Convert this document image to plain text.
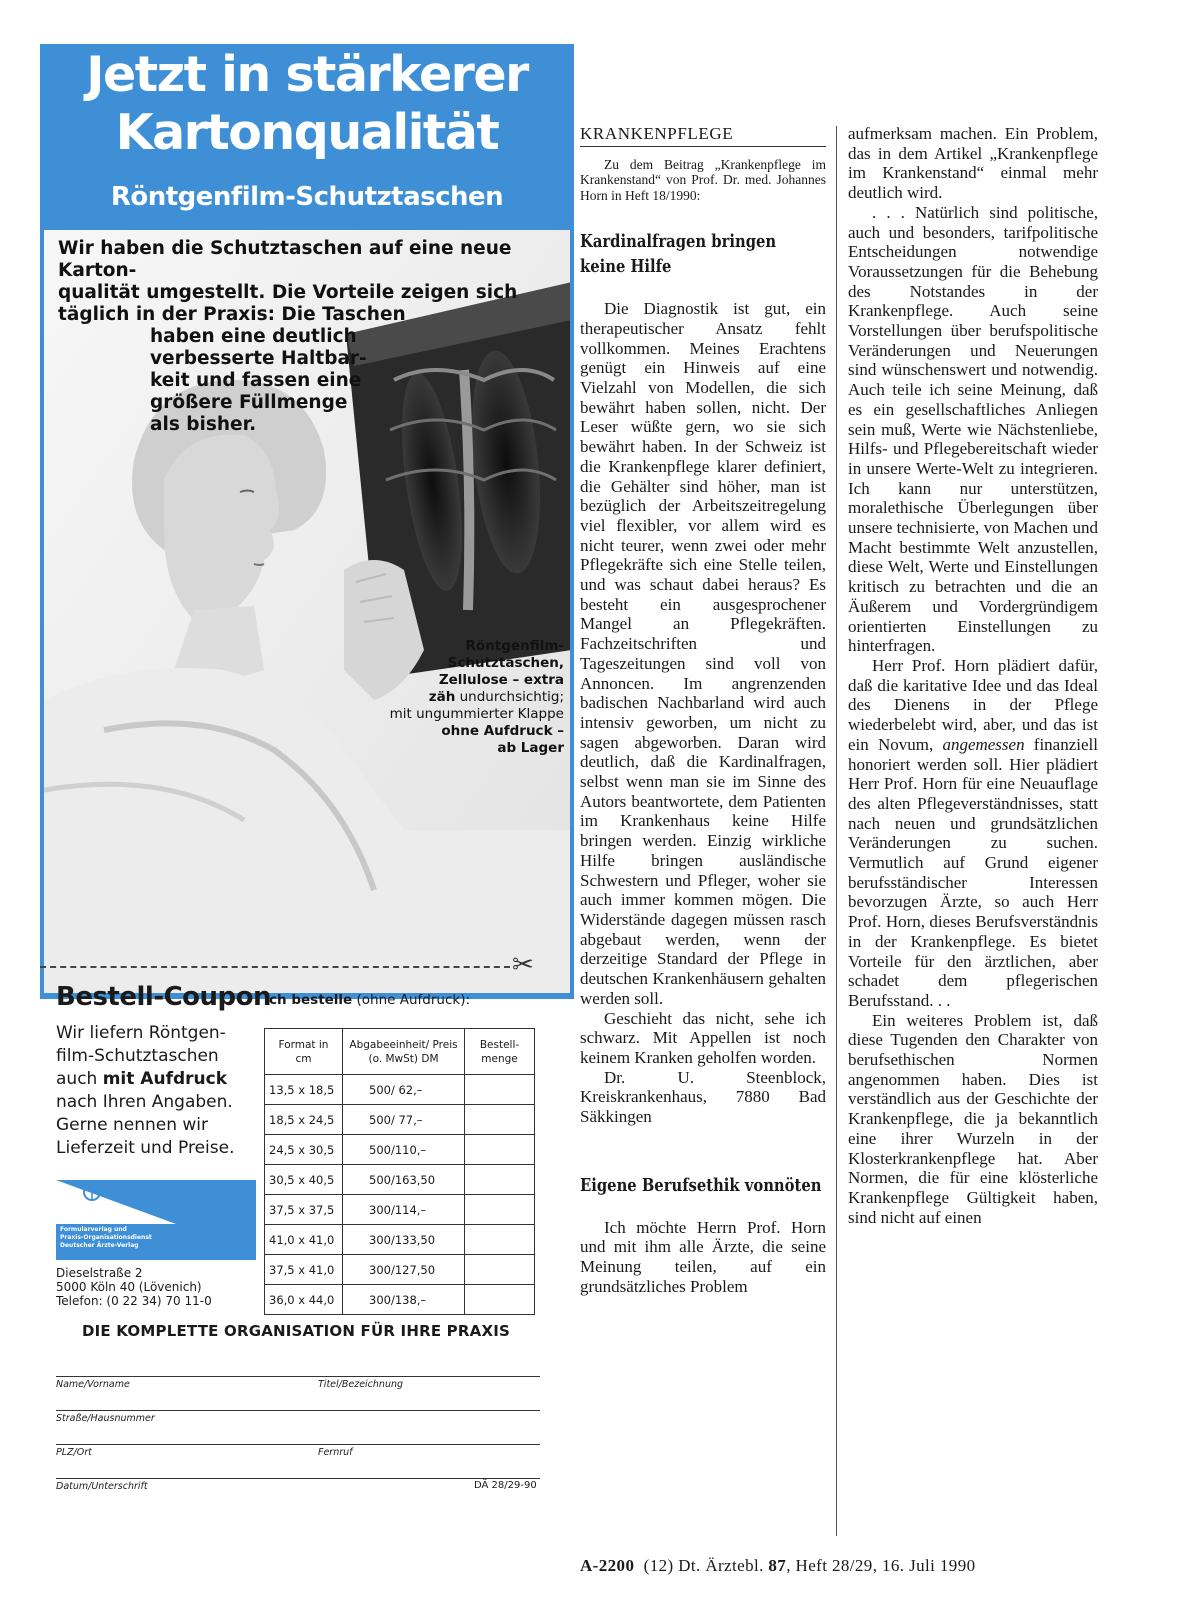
Jetzt in stärkerer
Kartonqualität
Röntgenfilm-Schutztaschen

Wir haben die Schutztaschen auf eine neue Karton-

qualität umgestellt. Die Vorteile zeigen sich

täglich in der Praxis: Die Taschen

haben eine deutlich

verbesserte Haltbar-

keit und fassen eine

größere Füllmenge

als bisher.

Röntgenfilm-
Schutztaschen,
Zellulose – extra
zäh undurchsichtig;
mit ungummierter Klappe
ohne Aufdruck –
ab Lager
✂
Bestell-Coupon
Ich bestelle (ohne Aufdruck):
Wir liefern Röntgen-film-Schutztaschen auch mit Aufdruck nach Ihren Angaben. Gerne nennen wir Lieferzeit und Preise.
Formularverlag und
Praxis-Organisationsdienst
Deutscher Ärzte-Verlag
Dieselstraße 2
5000 Köln 40 (Lövenich)
Telefon: (0 22 34) 70 11-0
Format in cm	Abgabeeinheit/ Preis (o. MwSt) DM	Bestell-menge
13,5 x 18,5	500/ 62,–	
18,5 x 24,5	500/ 77,–	
24,5 x 30,5	500/110,–	
30,5 x 40,5	500/163,50	
37,5 x 37,5	300/114,–	
41,0 x 41,0	300/133,50	
37,5 x 41,0	300/127,50	
36,0 x 44,0	300/138,–	
DIE KOMPLETTE ORGANISATION FÜR IHRE PRAXIS
Name/Vorname	Titel/Bezeichnung
Straße/Hausnummer
PLZ/Ort	Fernruf
Datum/Unterschrift	DÄ 28/29-90
KRANKENPFLEGE

Zu dem Beitrag „Krankenpflege im Krankenstand“ von Prof. Dr. med. Johannes Horn in Heft 18/1990:

Kardinalfragen bringen keine Hilfe

Die Diagnostik ist gut, ein therapeutischer Ansatz fehlt vollkommen. Meines Erachtens genügt ein Hinweis auf eine Vielzahl von Modellen, die sich bewährt haben sollen, nicht. Der Leser wüßte gern, wo sie sich bewährt haben. In der Schweiz ist die Krankenpflege klarer definiert, die Gehälter sind höher, man ist bezüglich der Arbeitszeitregelung viel flexibler, vor allem wird es nicht teurer, wenn zwei oder mehr Pflegekräfte sich eine Stelle teilen, und was schaut dabei heraus? Es besteht ein ausgesprochener Mangel an Pflegekräften. Fachzeitschriften und Tageszeitungen sind voll von Annoncen. Im angrenzenden badischen Nachbarland wird auch intensiv geworben, um nicht zu sagen abgeworben. Daran wird deutlich, daß die Kardinalfragen, selbst wenn man sie im Sinne des Autors beantwortete, dem Patienten im Krankenhaus keine Hilfe bringen werden. Einzig wirkliche Hilfe bringen ausländische Schwestern und Pfleger, woher sie auch immer kommen mögen. Die Widerstände dagegen müssen rasch abgebaut werden, wenn der derzeitige Standard der Pflege in deutschen Krankenhäusern gehalten werden soll.

Geschieht das nicht, sehe ich schwarz. Mit Appellen ist noch keinem Kranken geholfen worden.

Dr. U. Steenblock, Kreiskrankenhaus, 7880 Bad Säkkingen

Eigene Berufsethik vonnöten

Ich möchte Herrn Prof. Horn und mit ihm alle Ärzte, die seine Meinung teilen, auf ein grundsätzliches Problem

aufmerksam machen. Ein Problem, das in dem Artikel „Krankenpflege im Krankenstand“ einmal mehr deutlich wird.

. . . Natürlich sind politische, auch und besonders, tarifpolitische Entscheidungen notwendige Voraussetzungen für die Behebung des Notstandes in der Krankenpflege. Auch seine Vorstellungen über berufspolitische Veränderungen und Neuerungen sind wünschenswert und notwendig. Auch teile ich seine Meinung, daß es ein gesellschaftliches Anliegen sein muß, Werte wie Nächstenliebe, Hilfs- und Pflegebereitschaft wieder in unsere Werte-Welt zu integrieren. Ich kann nur unterstützen, moralethische Überlegungen über unsere technisierte, von Machen und Macht bestimmte Welt anzustellen, diese Welt, Werte und Einstellungen kritisch zu betrachten und die an Äußerem und Vordergründigem orientierten Einstellungen zu hinterfragen.

Herr Prof. Horn plädiert dafür, daß die karitative Idee und das Ideal des Dienens in der Pflege wiederbelebt wird, aber, und das ist ein Novum, angemessen finanziell honoriert werden soll. Hier plädiert Herr Prof. Horn für eine Neuauflage des alten Pflegeverständnisses, statt nach neuen und grundsätzlichen Veränderungen zu suchen. Vermutlich auf Grund eigener berufsständischer Interessen bevorzugen Ärzte, so auch Herr Prof. Horn, dieses Berufsverständnis in der Krankenpflege. Es bietet Vorteile für den ärztlichen, aber schadet dem pflegerischen Berufsstand. . .

Ein weiteres Problem ist, daß diese Tugenden den Charakter von berufsethischen Normen angenommen haben. Dies ist verständlich aus der Geschichte der Krankenpflege, die ja bekanntlich eine ihrer Wurzeln in der Klosterkrankenpflege hat. Aber Normen, die für eine klösterliche Krankenpflege Gültigkeit haben, sind nicht auf einen

A-2200  (12) Dt. Ärztebl. 87, Heft 28/29, 16. Juli 1990
